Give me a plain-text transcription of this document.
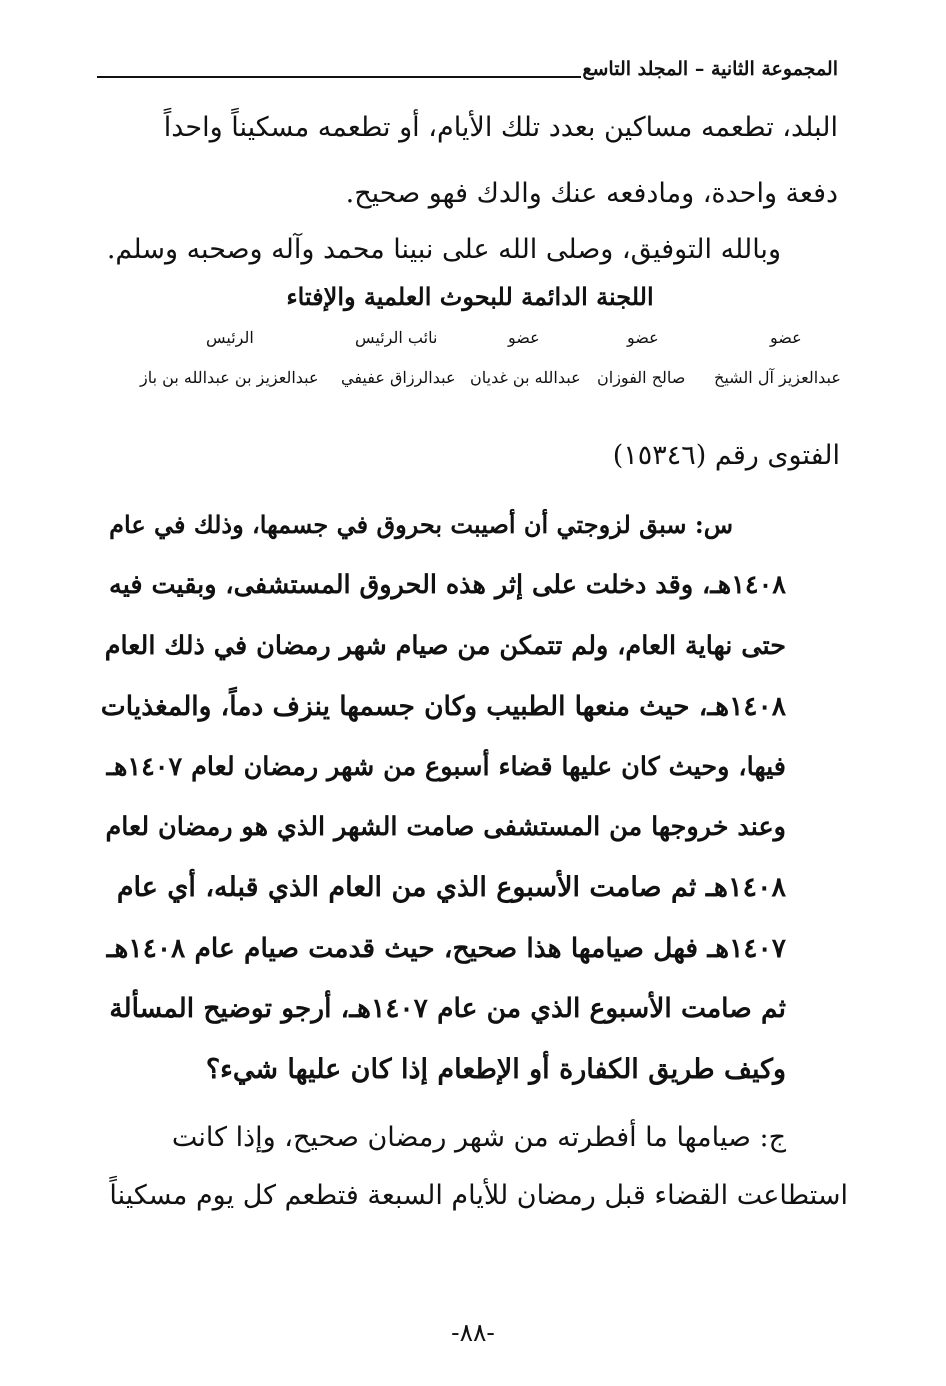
المجموعة الثانية – المجلد التاسع
البلد، تطعمه مساكين بعدد تلك الأيام، أو تطعمه مسكيناً واحداً
دفعة واحدة، ومادفعه عنك والدك فهو صحيح.
وبالله التوفيق، وصلى الله على نبينا محمد وآله وصحبه وسلم.
اللجنة الدائمة للبحوث العلمية والإفتاء
عضو
عضو
عضو
نائب الرئيس
الرئيس
عبدالعزيز آل الشيخ
صالح الفوزان
عبدالله بن غديان
عبدالرزاق عفيفي
عبدالعزيز بن عبدالله بن باز
الفتوى رقم (١٥٣٤٦)
س: سبق لزوجتي أن أصيبت بحروق في جسمها، وذلك في عام
١٤٠٨هـ، وقد دخلت على إثر هذه الحروق المستشفى، وبقيت فيه
حتى نهاية العام، ولم تتمكن من صيام شهر رمضان في ذلك العام
١٤٠٨هـ، حيث منعها الطبيب وكان جسمها ينزف دماً، والمغذيات
فيها، وحيث كان عليها قضاء أسبوع من شهر رمضان لعام ١٤٠٧هـ
وعند خروجها من المستشفى صامت الشهر الذي هو رمضان لعام
١٤٠٨هـ ثم صامت الأسبوع الذي من العام الذي قبله، أي عام
١٤٠٧هـ فهل صيامها هذا صحيح، حيث قدمت صيام عام ١٤٠٨هـ
ثم صامت الأسبوع الذي من عام ١٤٠٧هـ، أرجو توضيح المسألة
وكيف طريق الكفارة أو الإطعام إذا كان عليها شيء؟
ج: صيامها ما أفطرته من شهر رمضان صحيح، وإذا كانت
استطاعت القضاء قبل رمضان للأيام السبعة فتطعم كل يوم مسكيناً
-٨٨-
